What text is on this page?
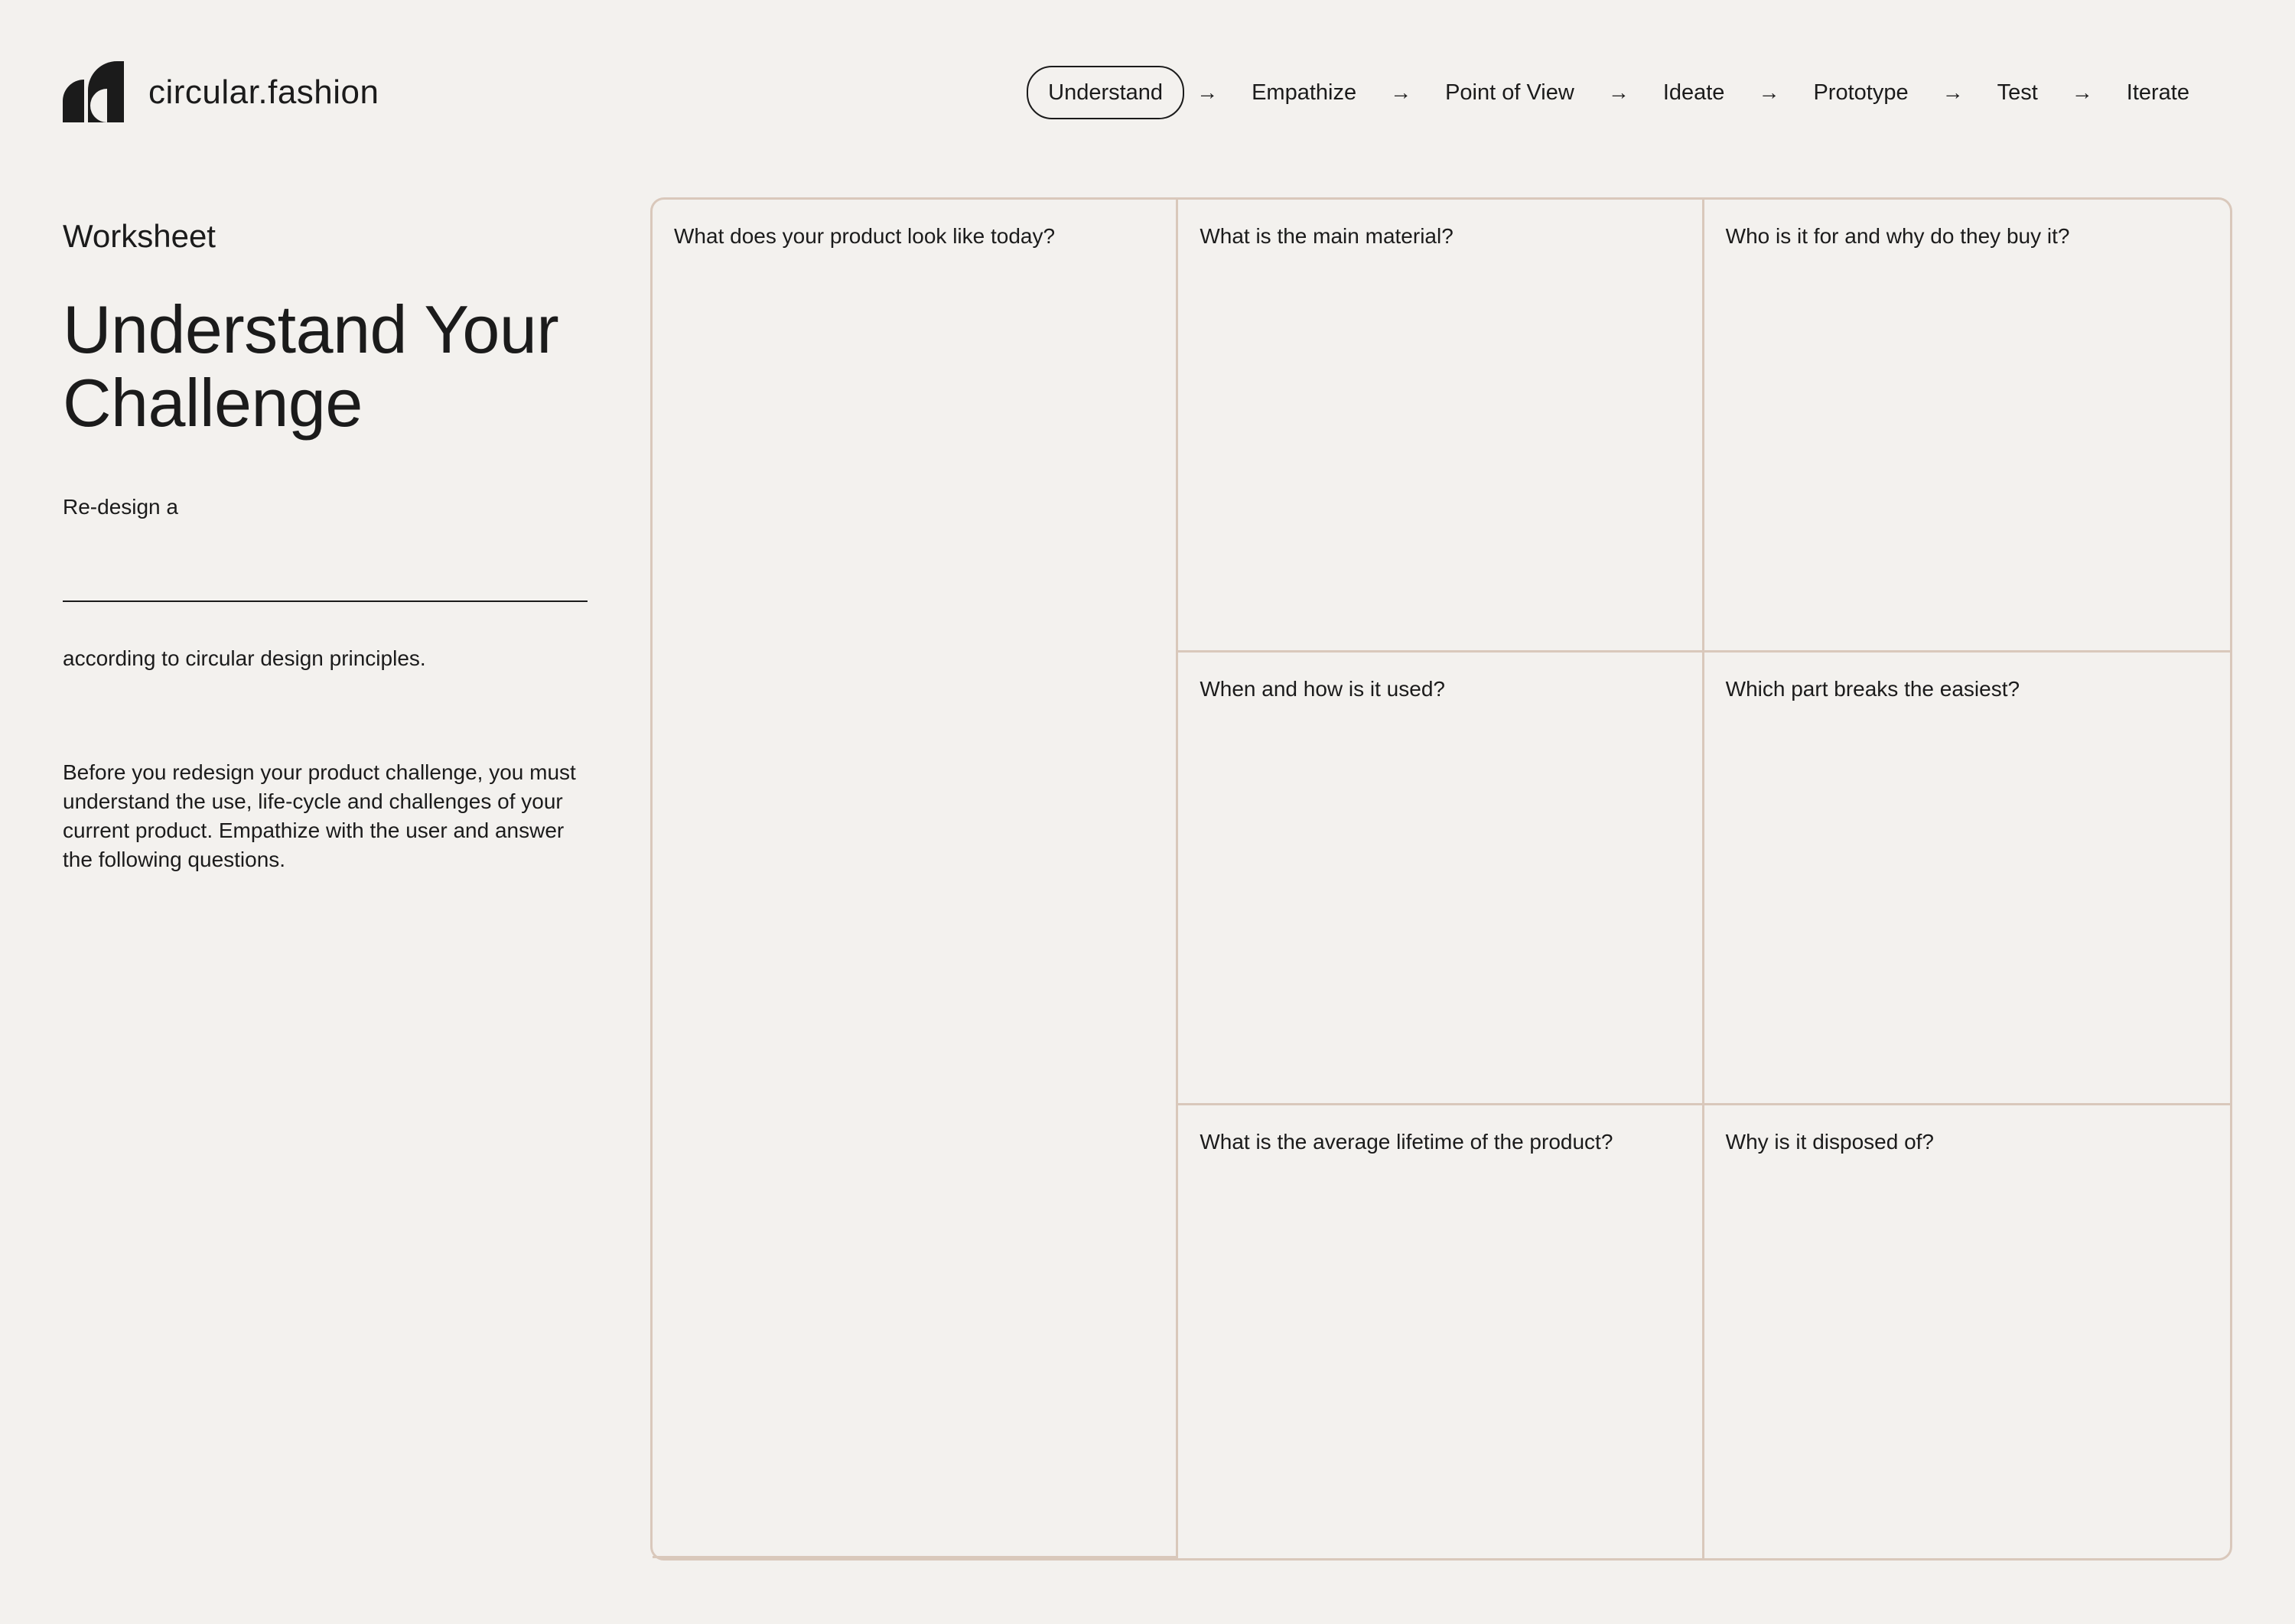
circular.fashion	Understand	→	Empathize	→	Point of View	→	Ideate	→	Prototype	→	Test	→	Iterate

Worksheet

Understand Your
Challenge

Re-design a

according to circular design principles.

Before you redesign your product challenge, you must understand the use, life-cycle and challenges of your current product. Empathize with the user and answer the following questions.

What does your product look like today?	What is the main material?	Who is it for and why do they buy it?

When and how is it used?	Which part breaks the easiest?

What is the average lifetime of the product?	Why is it disposed of?
